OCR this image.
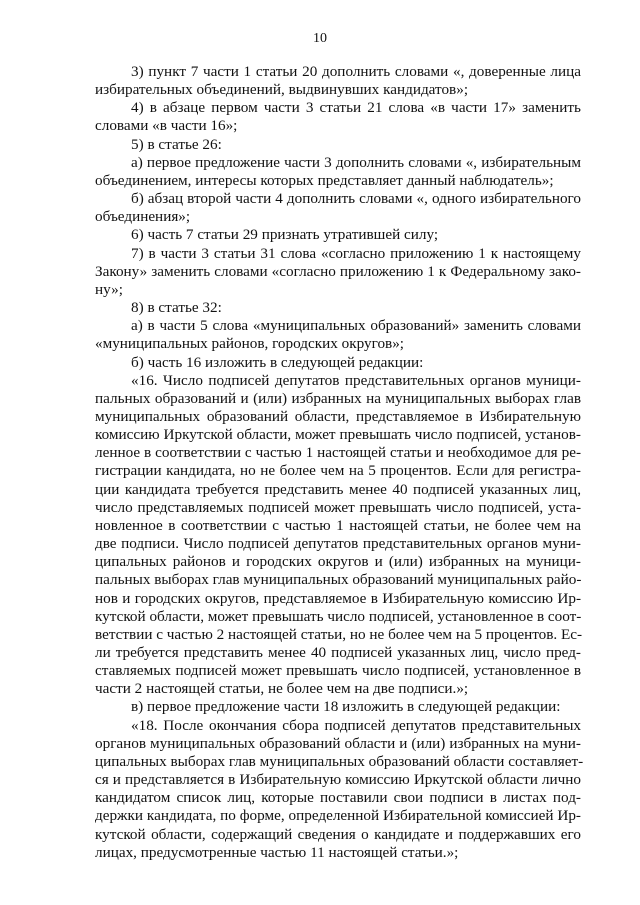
10
3) пункт 7 части 1 статьи 20 дополнить словами «, доверенные лица
избирательных объединений, выдвинувших кандидатов»;
4) в абзаце первом части 3 статьи 21 слова «в части 17» заменить
словами «в части 16»;
5) в статье 26:
а) первое предложение части 3 дополнить словами «, избирательным
объединением, интересы которых представляет данный наблюдатель»;
б) абзац второй части 4 дополнить словами «, одного избирательного
объединения»;
6) часть 7 статьи 29 признать утратившей силу;
7) в части 3 статьи 31 слова «согласно приложению 1 к настоящему
Закону» заменить словами «согласно приложению 1 к Федеральному зако-
ну»;
8) в статье 32:
а) в части 5 слова «муниципальных образований» заменить словами
«муниципальных районов, городских округов»;
б) часть 16 изложить в следующей редакции:
«16. Число подписей депутатов представительных органов муници-
пальных образований и (или) избранных на муниципальных выборах глав
муниципальных образований области, представляемое в Избирательную
комиссию Иркутской области, может превышать число подписей, установ-
ленное в соответствии с частью 1 настоящей статьи и необходимое для ре-
гистрации кандидата, но не более чем на 5 процентов. Если для регистра-
ции кандидата требуется представить менее 40 подписей указанных лиц,
число представляемых подписей может превышать число подписей, уста-
новленное в соответствии с частью 1 настоящей статьи, не более чем на
две подписи. Число подписей депутатов представительных органов муни-
ципальных районов и городских округов и (или) избранных на муници-
пальных выборах глав муниципальных образований муниципальных райо-
нов и городских округов, представляемое в Избирательную комиссию Ир-
кутской области, может превышать число подписей, установленное в соот-
ветствии с частью 2 настоящей статьи, но не более чем на 5 процентов. Ес-
ли требуется представить менее 40 подписей указанных лиц, число пред-
ставляемых подписей может превышать число подписей, установленное в
части 2 настоящей статьи, не более чем на две подписи.»;
в) первое предложение части 18 изложить в следующей редакции:
«18. После окончания сбора подписей депутатов представительных
органов муниципальных образований области и (или) избранных на муни-
ципальных выборах глав муниципальных образований области составляет-
ся и представляется в Избирательную комиссию Иркутской области лично
кандидатом список лиц, которые поставили свои подписи в листах под-
держки кандидата, по форме, определенной Избирательной комиссией Ир-
кутской области, содержащий сведения о кандидате и поддержавших его
лицах, предусмотренные частью 11 настоящей статьи.»;
